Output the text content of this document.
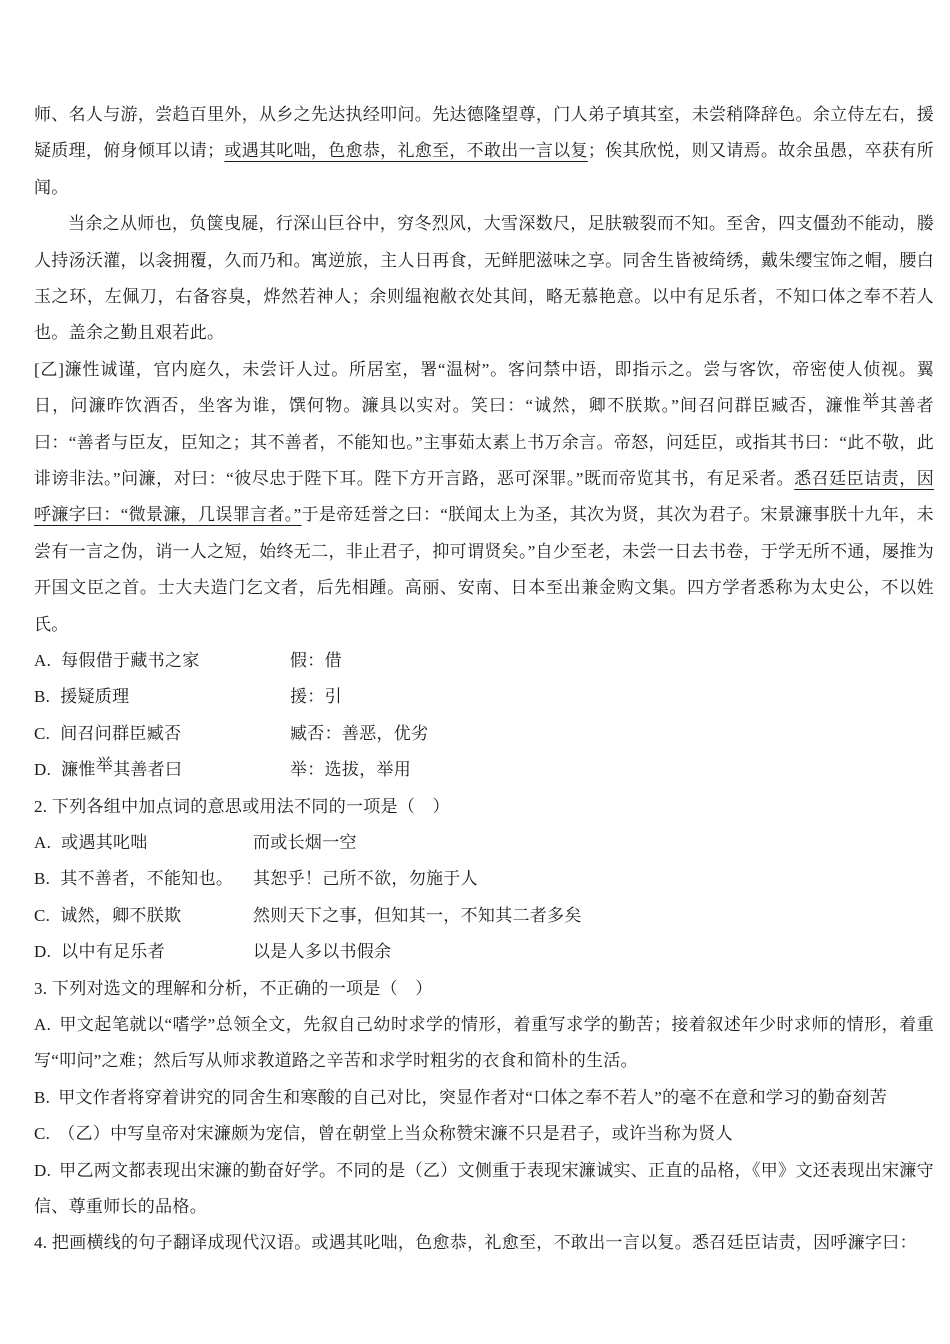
师、名人与游，尝趋百里外，从乡之先达执经叩问。先达德隆望尊，门人弟子填其室，未尝稍降辞色。余立侍左右，援疑质理，俯身倾耳以请；或遇其叱咄，色愈恭，礼愈至，不敢出一言以复；俟其欣悦，则又请焉。故余虽愚，卒获有所闻。

当余之从师也，负箧曳屣，行深山巨谷中，穷冬烈风，大雪深数尺，足肤皲裂而不知。至舍，四支僵劲不能动，媵人持汤沃灌，以衾拥覆，久而乃和。寓逆旅，主人日再食，无鲜肥滋味之享。同舍生皆被绮绣，戴朱缨宝饰之帽，腰白玉之环，左佩刀，右备容臭，烨然若神人；余则缊袍敝衣处其间，略无慕艳意。以中有足乐者，不知口体之奉不若人也。盖余之勤且艰若此。

[乙]濂性诚谨，官内庭久，未尝讦人过。所居室，署“温树”。客问禁中语，即指示之。尝与客饮，帝密使人侦视。翼日，问濂昨饮酒否，坐客为谁，馔何物。濂具以实对。笑曰：“诚然，卿不朕欺。”间召问群臣臧否，濂惟举其善者曰：“善者与臣友，臣知之；其不善者，不能知也。”主事茹太素上书万余言。帝怒，问廷臣，或指其书曰：“此不敬，此诽谤非法。”问濂，对曰：“彼尽忠于陛下耳。陛下方开言路，恶可深罪。”既而帝览其书，有足采者。悉召廷臣诘责，因呼濂字曰：“微景濂，几误罪言者。”于是帝廷誉之曰：“朕闻太上为圣，其次为贤，其次为君子。宋景濂事朕十九年，未尝有一言之伪，诮一人之短，始终无二，非止君子，抑可谓贤矣。”自少至老，未尝一日去书卷，于学无所不通，屡推为开国文臣之首。士大夫造门乞文者，后先相踵。高丽、安南、日本至出兼金购文集。四方学者悉称为太史公，不以姓氏。

A. 每假借于藏书之家	假：借
B. 援疑质理	援：引
C. 间召问群臣臧否	臧否：善恶，优劣
D. 濂惟举其善者曰	举：选拔，举用

2. 下列各组中加点词的意思或用法不同的一项是（　）

A. 或遇其叱咄	而或长烟一空
B. 其不善者，不能知也。 其恕乎！己所不欲，勿施于人
C. 诚然，卿不朕欺	然则天下之事，但知其一，不知其二者多矣
D. 以中有足乐者	以是人多以书假余

3. 下列对选文的理解和分析，不正确的一项是（　）

A. 甲文起笔就以“嗜学”总领全文，先叙自己幼时求学的情形，着重写求学的勤苦；接着叙述年少时求师的情形，着重写“叩问”之难；然后写从师求教道路之辛苦和求学时粗劣的衣食和简朴的生活。

B. 甲文作者将穿着讲究的同舍生和寒酸的自己对比，突显作者对“口体之奉不若人”的毫不在意和学习的勤奋刻苦

C. （乙）中写皇帝对宋濂颇为宠信，曾在朝堂上当众称赞宋濂不只是君子，或许当称为贤人

D. 甲乙两文都表现出宋濂的勤奋好学。不同的是（乙）文侧重于表现宋濂诚实、正直的品格，《甲》文还表现出宋濂守信、尊重师长的品格。

4. 把画横线的句子翻译成现代汉语。或遇其叱咄，色愈恭，礼愈至，不敢出一言以复。悉召廷臣诘责，因呼濂字曰：
